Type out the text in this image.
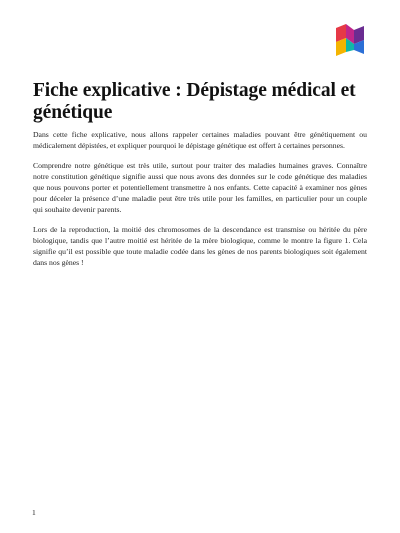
Fiche explicative : Dépistage médical et génétique

Dans cette fiche explicative, nous allons rappeler certaines maladies pouvant être génétiquement ou médicalement dépistées, et expliquer pourquoi le dépistage génétique est offert à certaines personnes.

Comprendre notre génétique est très utile, surtout pour traiter des maladies humaines graves. Connaître notre constitution génétique signifie aussi que nous avons des données sur le code génétique des maladies que nous pouvons porter et potentiellement transmettre à nos enfants. Cette capacité à examiner nos gènes pour déceler la présence d’une maladie peut être très utile pour les familles, en particulier pour un couple qui souhaite devenir parents.

Lors de la reproduction, la moitié des chromosomes de la descendance est transmise ou héritée du père biologique, tandis que l’autre moitié est héritée de la mère biologique, comme le montre la figure 1. Cela signifie qu’il est possible que toute maladie codée dans les gènes de nos parents biologiques soit également dans nos gènes !

1
